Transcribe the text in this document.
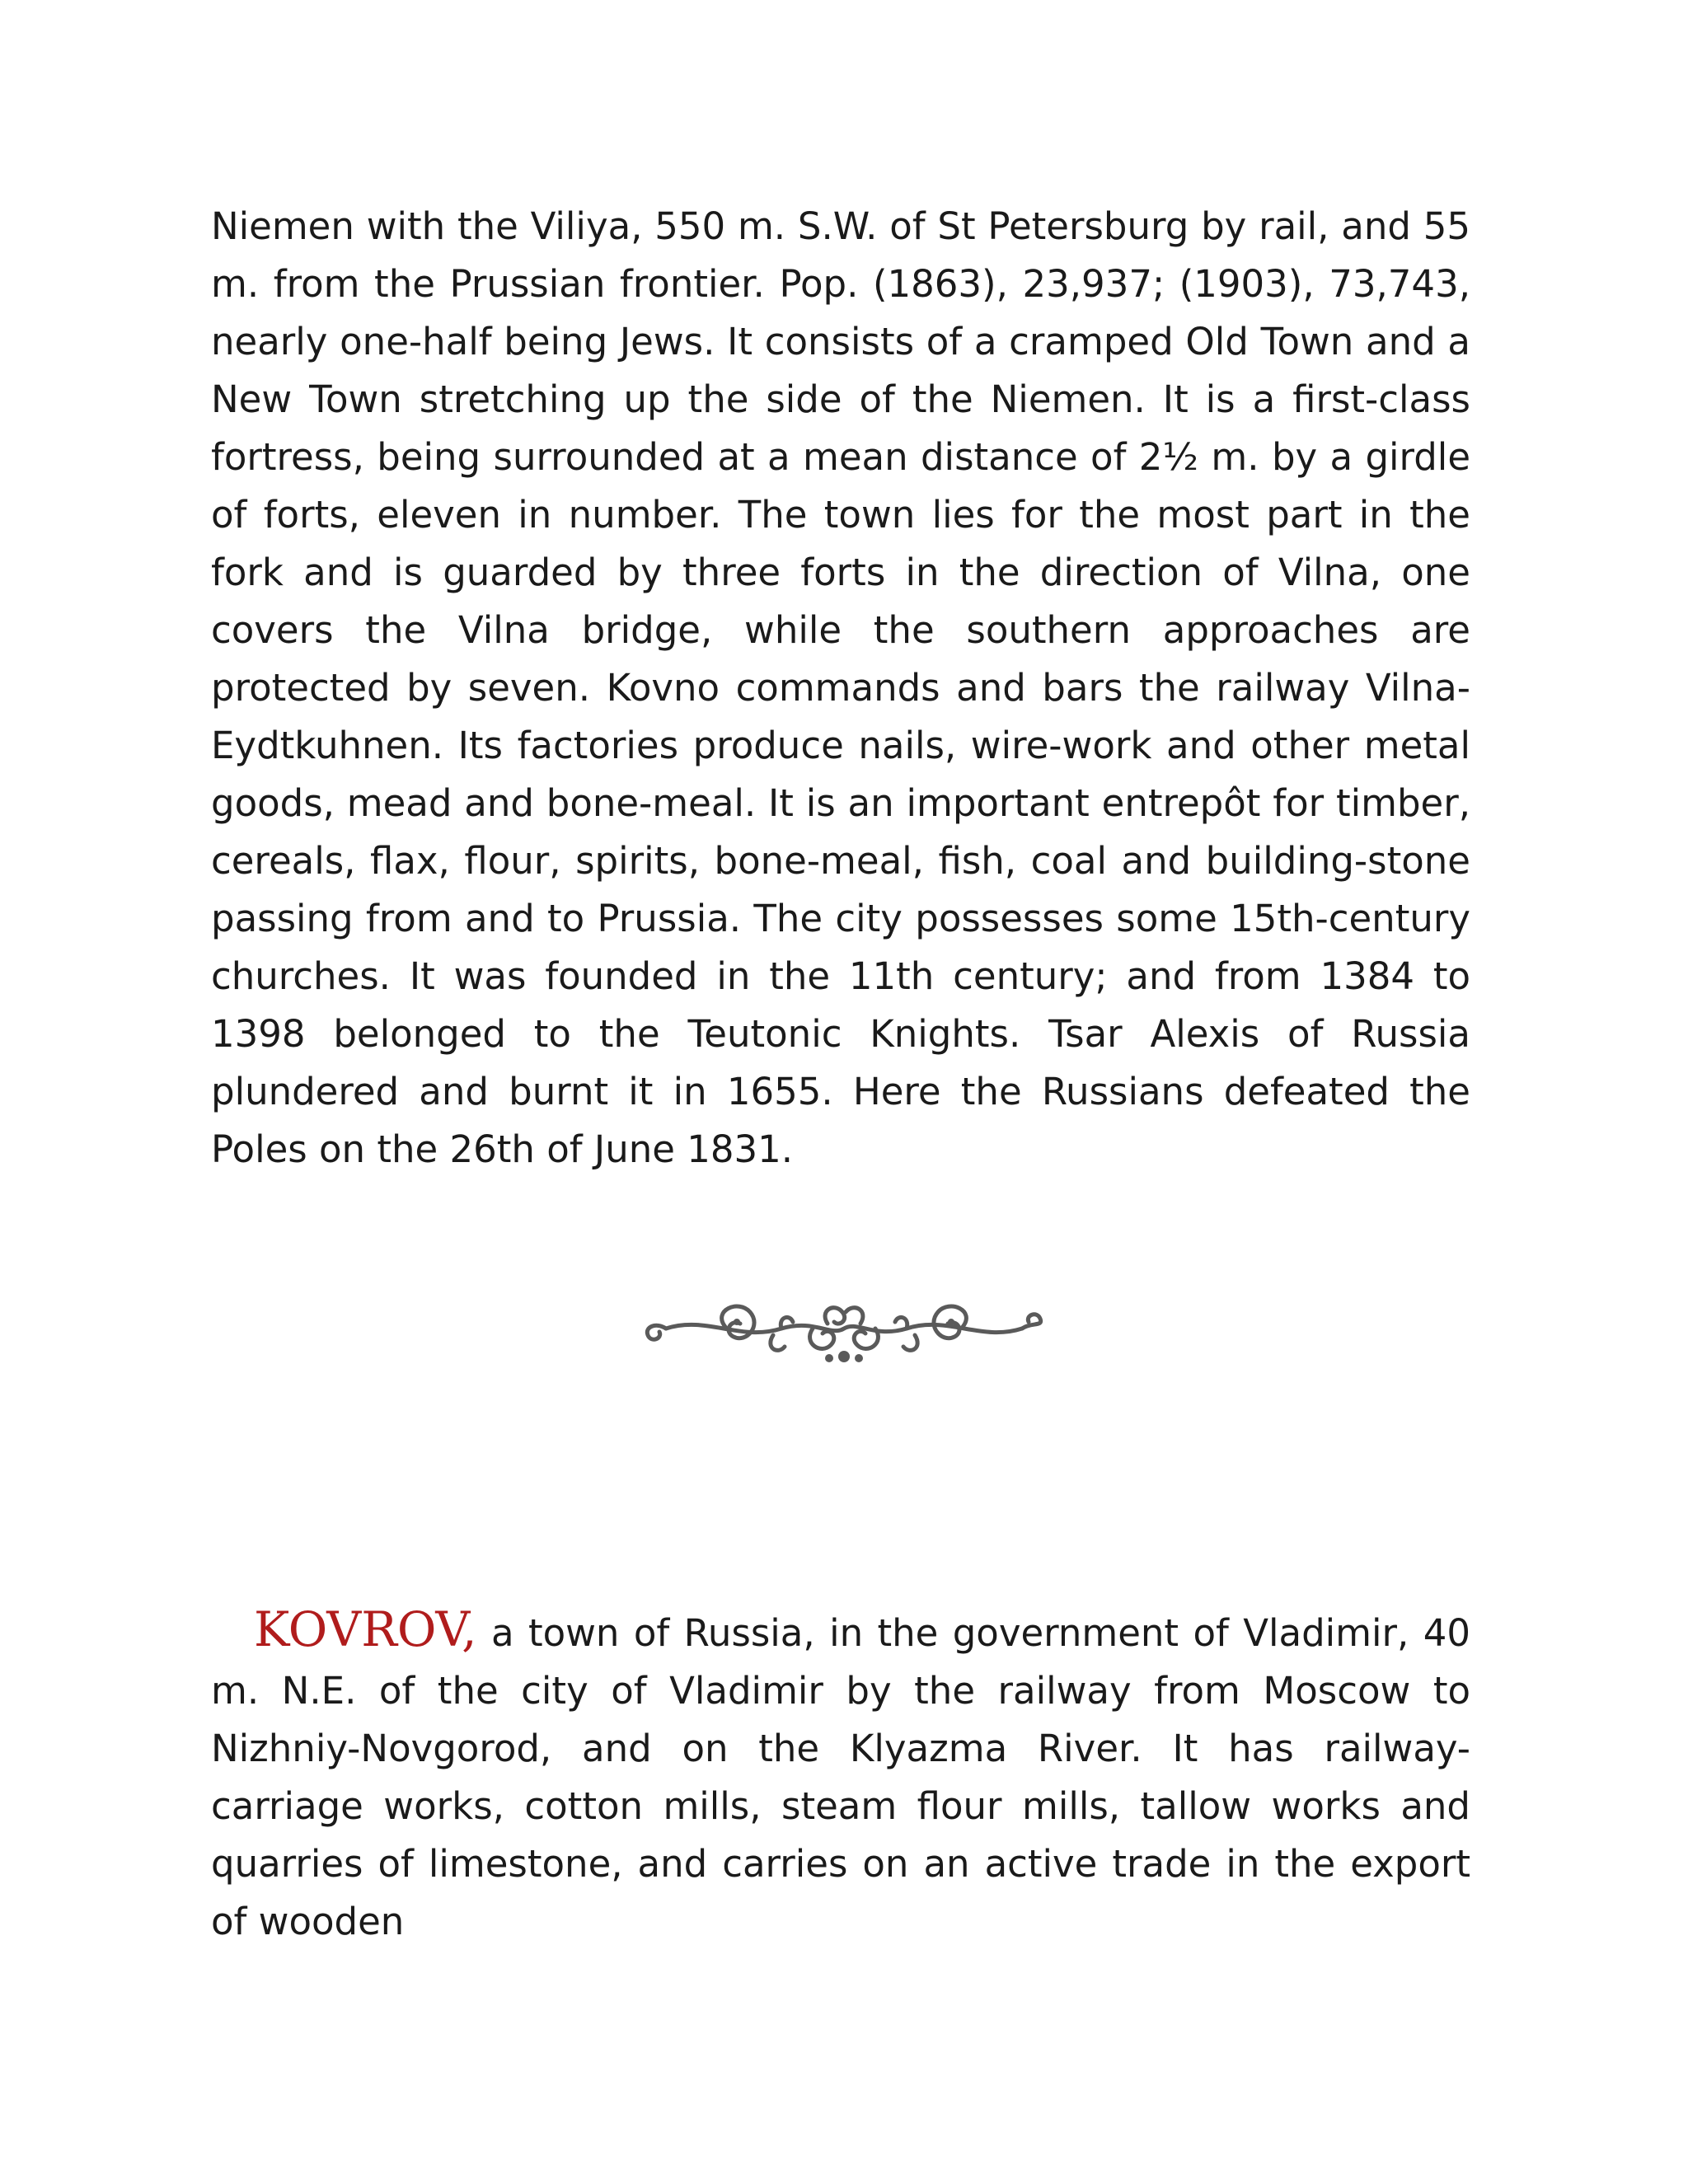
Niemen with the Viliya, 550 m. S.W. of St Petersburg by rail, and 55 m. from the Prussian frontier. Pop. (1863), 23,937; (1903), 73,743, nearly one-half being Jews. It consists of a cramped Old Town and a New Town stretching up the side of the Niemen. It is a first-class fortress, being surrounded at a mean distance of 2½ m. by a girdle of forts, eleven in number. The town lies for the most part in the fork and is guarded by three forts in the direction of Vilna, one covers the Vilna bridge, while the southern approaches are protected by seven. Kovno commands and bars the railway Vilna-Eydtkuhnen. Its factories produce nails, wire-work and other metal goods, mead and bone-meal. It is an important entrepôt for timber, cereals, flax, flour, spirits, bone-meal, fish, coal and building-stone passing from and to Prussia. The city possesses some 15th-century churches. It was founded in the 11th century; and from 1384 to 1398 belonged to the Teutonic Knights. Tsar Alexis of Russia plundered and burnt it in 1655. Here the Russians defeated the Poles on the 26th of June 1831.

KOVROV, a town of Russia, in the government of Vladimir, 40 m. N.E. of the city of Vladimir by the railway from Moscow to Nizhniy-Novgorod, and on the Klyazma River. It has railway-carriage works, cotton mills, steam flour mills, tallow works and quarries of limestone, and carries on an active trade in the export of wooden
